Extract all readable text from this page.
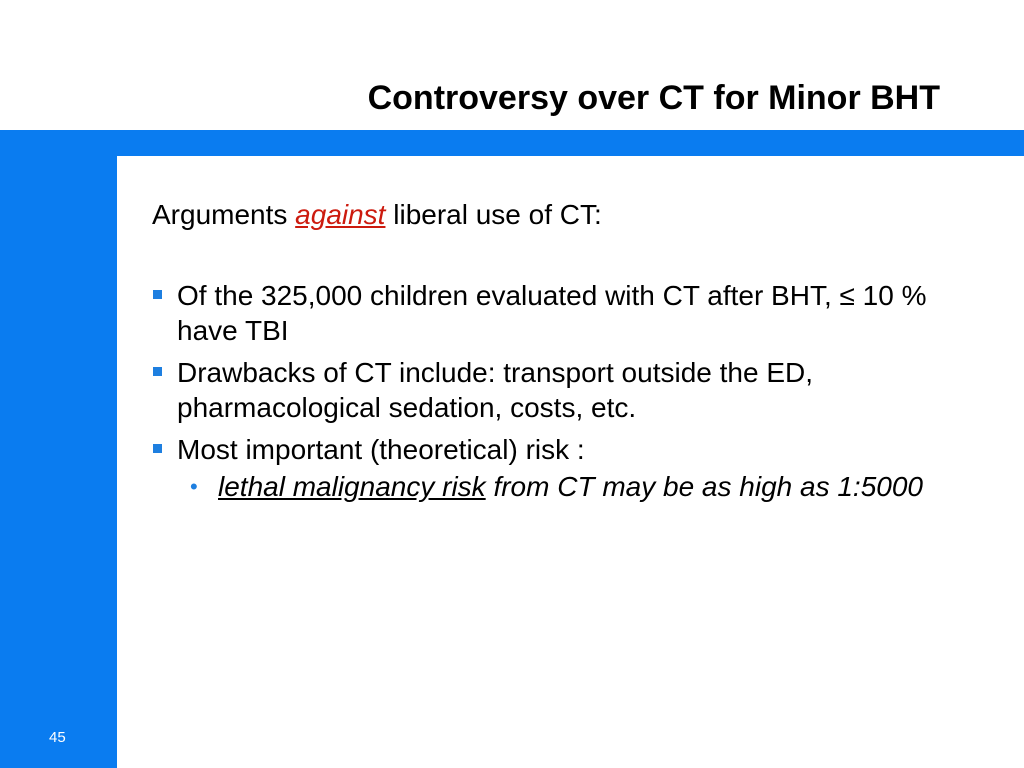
Controversy over CT for Minor BHT
45

Arguments against liberal use of CT:

Of the 325,000 children evaluated with CT after BHT, ≤ 10 % have TBI
Drawbacks of CT include: transport outside the ED, pharmacological sedation, costs, etc.
Most important (theoretical) risk :
• lethal malignancy risk from CT may be as high as 1:5000
